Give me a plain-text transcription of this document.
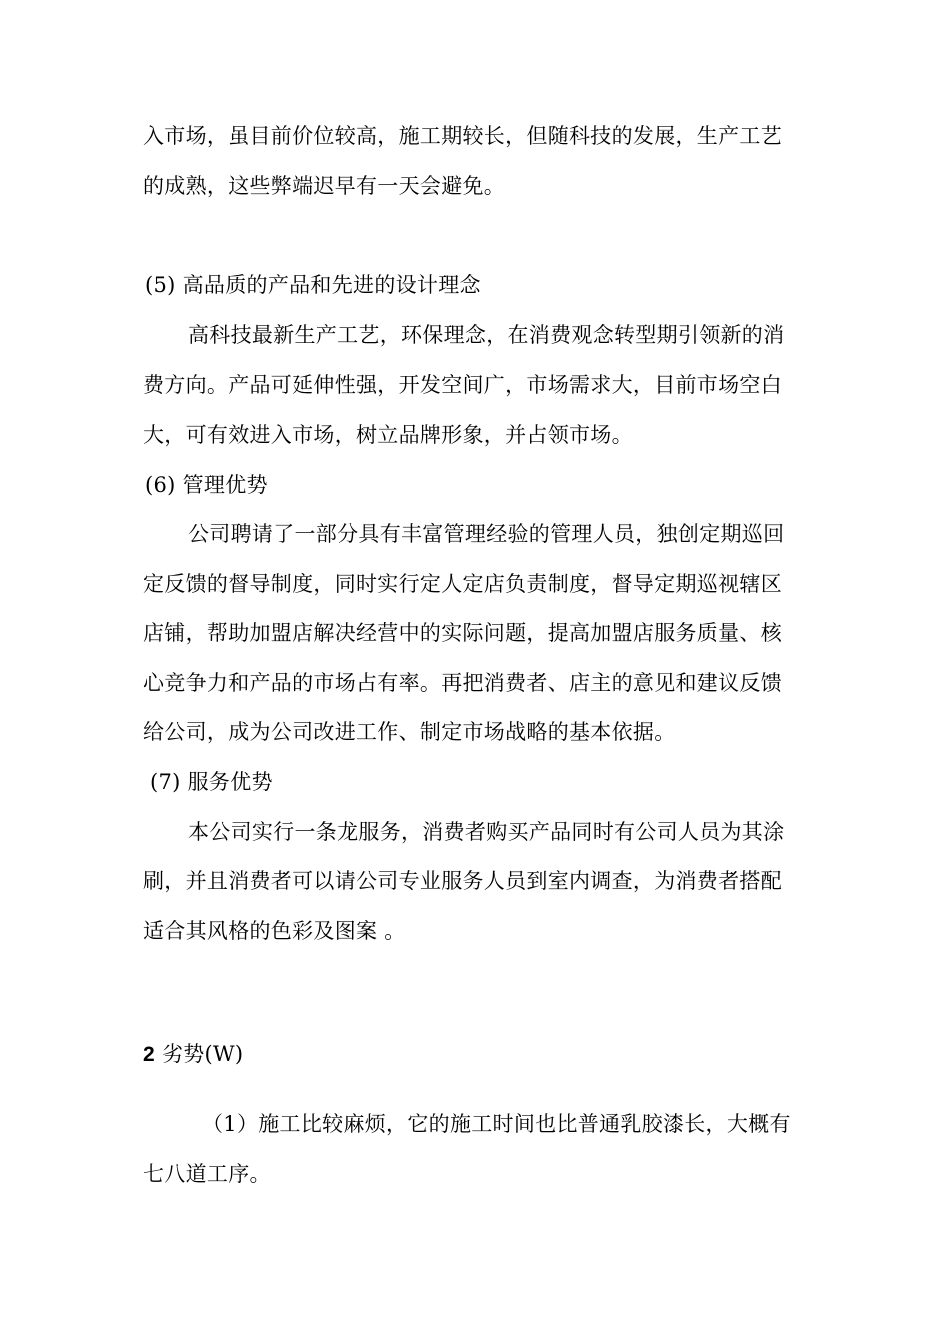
入市场，虽目前价位较高，施工期较长，但随科技的发展，生产工艺
的成熟，这些弊端迟早有一天会避免。
(5) 高品质的产品和先进的设计理念
高科技最新生产工艺，环保理念，在消费观念转型期引领新的消
费方向。产品可延伸性强，开发空间广，市场需求大，目前市场空白
大，可有效进入市场，树立品牌形象，并占领市场。
(6) 管理优势
公司聘请了一部分具有丰富管理经验的管理人员，独创定期巡回
定反馈的督导制度，同时实行定人定店负责制度，督导定期巡视辖区
店铺，帮助加盟店解决经营中的实际问题，提高加盟店服务质量、核
心竞争力和产品的市场占有率。再把消费者、店主的意见和建议反馈
给公司，成为公司改进工作、制定市场战略的基本依据。
(7) 服务优势
本公司实行一条龙服务，消费者购买产品同时有公司人员为其涂
刷，并且消费者可以请公司专业服务人员到室内调查，为消费者搭配
适合其风格的色彩及图案 。
2 劣势(W)
（1）施工比较麻烦，它的施工时间也比普通乳胶漆长，大概有
七八道工序。
